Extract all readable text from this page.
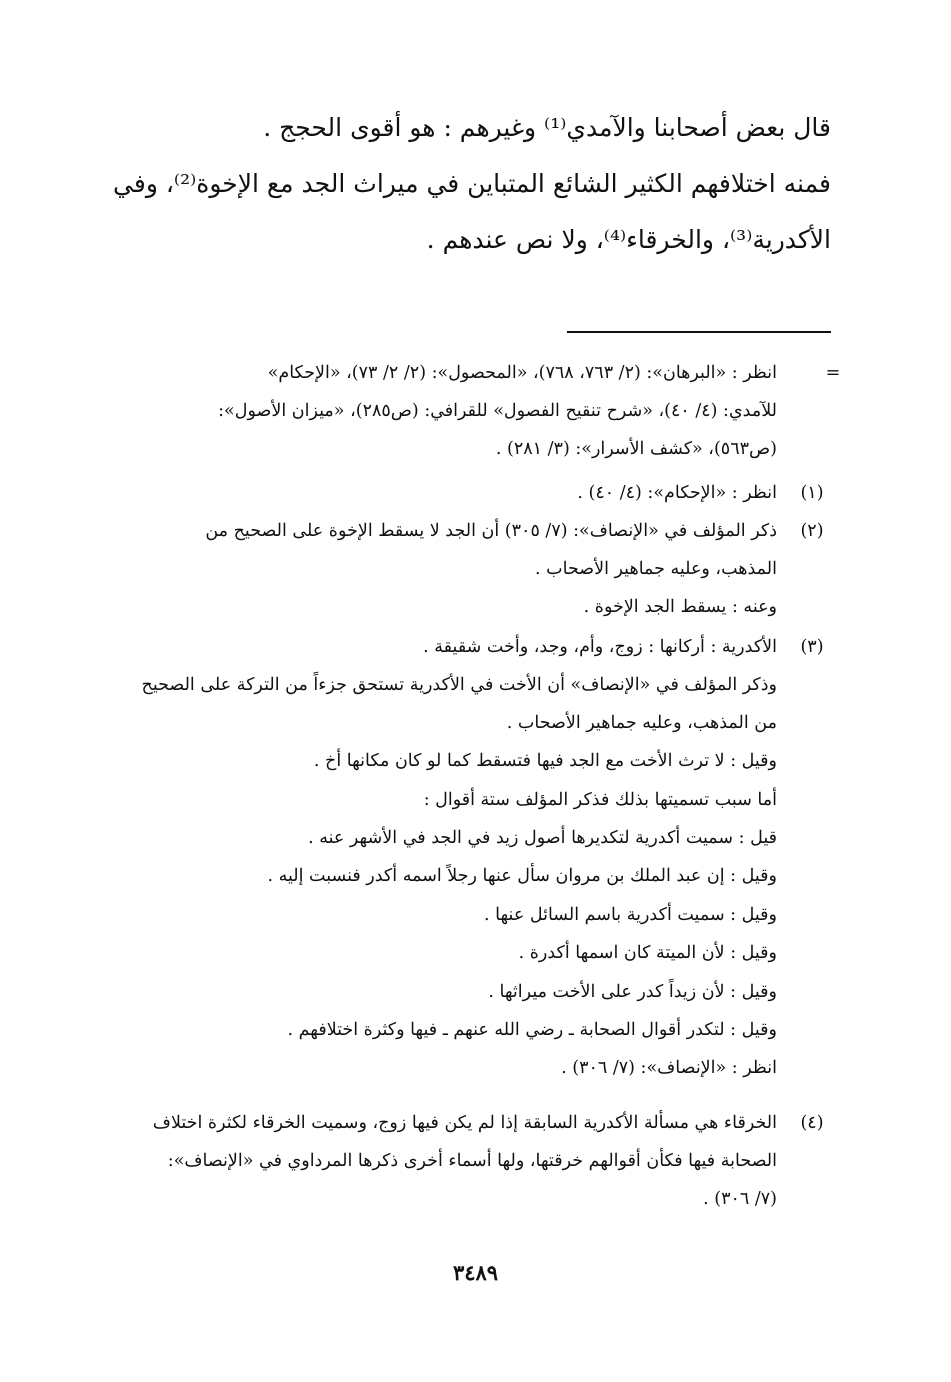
قال بعض أصحابنا والآمدي⁽¹⁾ وغيرهم : هو أقوى الحجج .
فمنه اختلافهم الكثير الشائع المتباين في ميراث الجد مع الإخوة⁽²⁾، وفي
الأكدرية⁽³⁾، والخرقاء⁽⁴⁾، ولا نص عندهم .
=
انظر : «البرهان»: (٢/ ٧٦٣، ٧٦٨)، «المحصول»: (٢/ ٢/ ٧٣)، «الإحكام»
للآمدي: (٤/ ٤٠)، «شرح تنقيح الفصول» للقرافي: (ص٢٨٥)، «ميزان الأصول»:
(ص٥٦٣)، «كشف الأسرار»: (٣/ ٢٨١) .
(١)
انظر : «الإحكام»: (٤/ ٤٠) .
(٢)
ذكر المؤلف في «الإنصاف»: (٧/ ٣٠٥) أن الجد لا يسقط الإخوة على الصحيح من
المذهب، وعليه جماهير الأصحاب .
وعنه : يسقط الجد الإخوة .
(٣)
الأكدرية : أركانها : زوج، وأم، وجد، وأخت شقيقة .
وذكر المؤلف في «الإنصاف» أن الأخت في الأكدرية تستحق جزءاً من التركة على الصحيح
من المذهب، وعليه جماهير الأصحاب .
وقيل : لا ترث الأخت مع الجد فيها فتسقط كما لو كان مكانها أخ .
أما سبب تسميتها بذلك فذكر المؤلف ستة أقوال :
قيل : سميت أكدرية لتكديرها أصول زيد في الجد في الأشهر عنه .
وقيل : إن عبد الملك بن مروان سأل عنها رجلاً اسمه أكدر فنسبت إليه .
وقيل : سميت أكدرية باسم السائل عنها .
وقيل : لأن الميتة كان اسمها أكدرة .
وقيل : لأن زيداً كدر على الأخت ميراثها .
وقيل : لتكدر أقوال الصحابة ـ رضي الله عنهم ـ فيها وكثرة اختلافهم .
انظر : «الإنصاف»: (٧/ ٣٠٦) .
(٤)
الخرقاء هي مسألة الأكدرية السابقة إذا لم يكن فيها زوج، وسميت الخرقاء لكثرة اختلاف
الصحابة فيها فكأن أقوالهم خرقتها، ولها أسماء أخرى ذكرها المرداوي في «الإنصاف»:
(٧/ ٣٠٦) .
٣٤٨٩
